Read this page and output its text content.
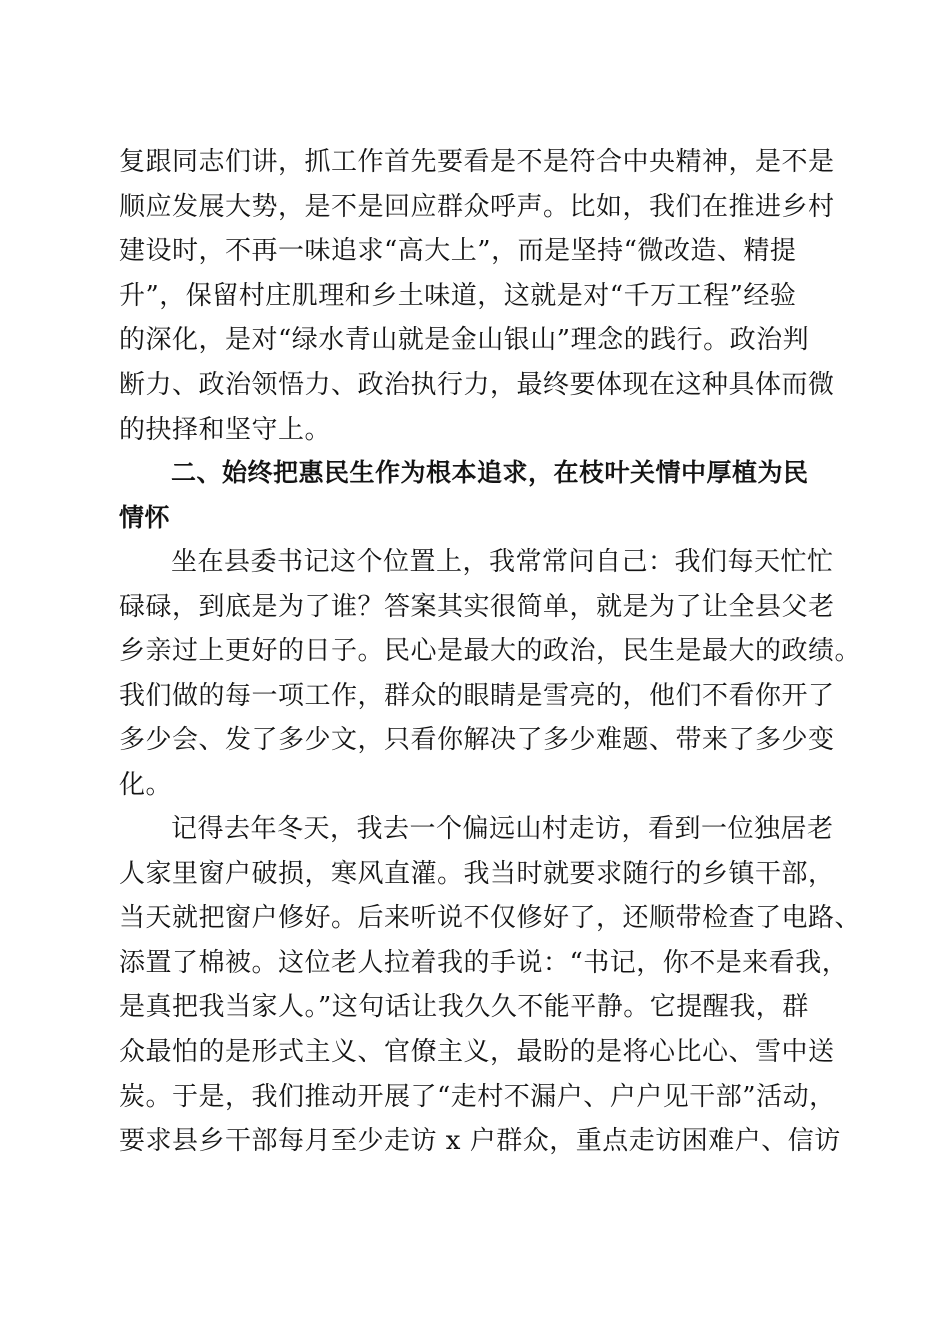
复跟同志们讲，抓工作首先要看是不是符合中央精神，是不是
顺应发展大势，是不是回应群众呼声。比如，我们在推进乡村
建设时，不再一味追求“高大上”，而是坚持“微改造、精提
升”，保留村庄肌理和乡土味道，这就是对“千万工程”经验
的深化，是对“绿水青山就是金山银山”理念的践行。政治判
断力、政治领悟力、政治执行力，最终要体现在这种具体而微
的抉择和坚守上。
二、始终把惠民生作为根本追求，在枝叶关情中厚植为民
情怀
坐在县委书记这个位置上，我常常问自己：我们每天忙忙
碌碌，到底是为了谁？答案其实很简单，就是为了让全县父老
乡亲过上更好的日子。民心是最大的政治，民生是最大的政绩。
我们做的每一项工作，群众的眼睛是雪亮的，他们不看你开了
多少会、发了多少文，只看你解决了多少难题、带来了多少变
化。
记得去年冬天，我去一个偏远山村走访，看到一位独居老
人家里窗户破损，寒风直灌。我当时就要求随行的乡镇干部，
当天就把窗户修好。后来听说不仅修好了，还顺带检查了电路、
添置了棉被。这位老人拉着我的手说：“书记，你不是来看我，
是真把我当家人。”这句话让我久久不能平静。它提醒我，群
众最怕的是形式主义、官僚主义，最盼的是将心比心、雪中送
炭。于是，我们推动开展了“走村不漏户、户户见干部”活动，
要求县乡干部每月至少走访 x 户群众，重点走访困难户、信访
